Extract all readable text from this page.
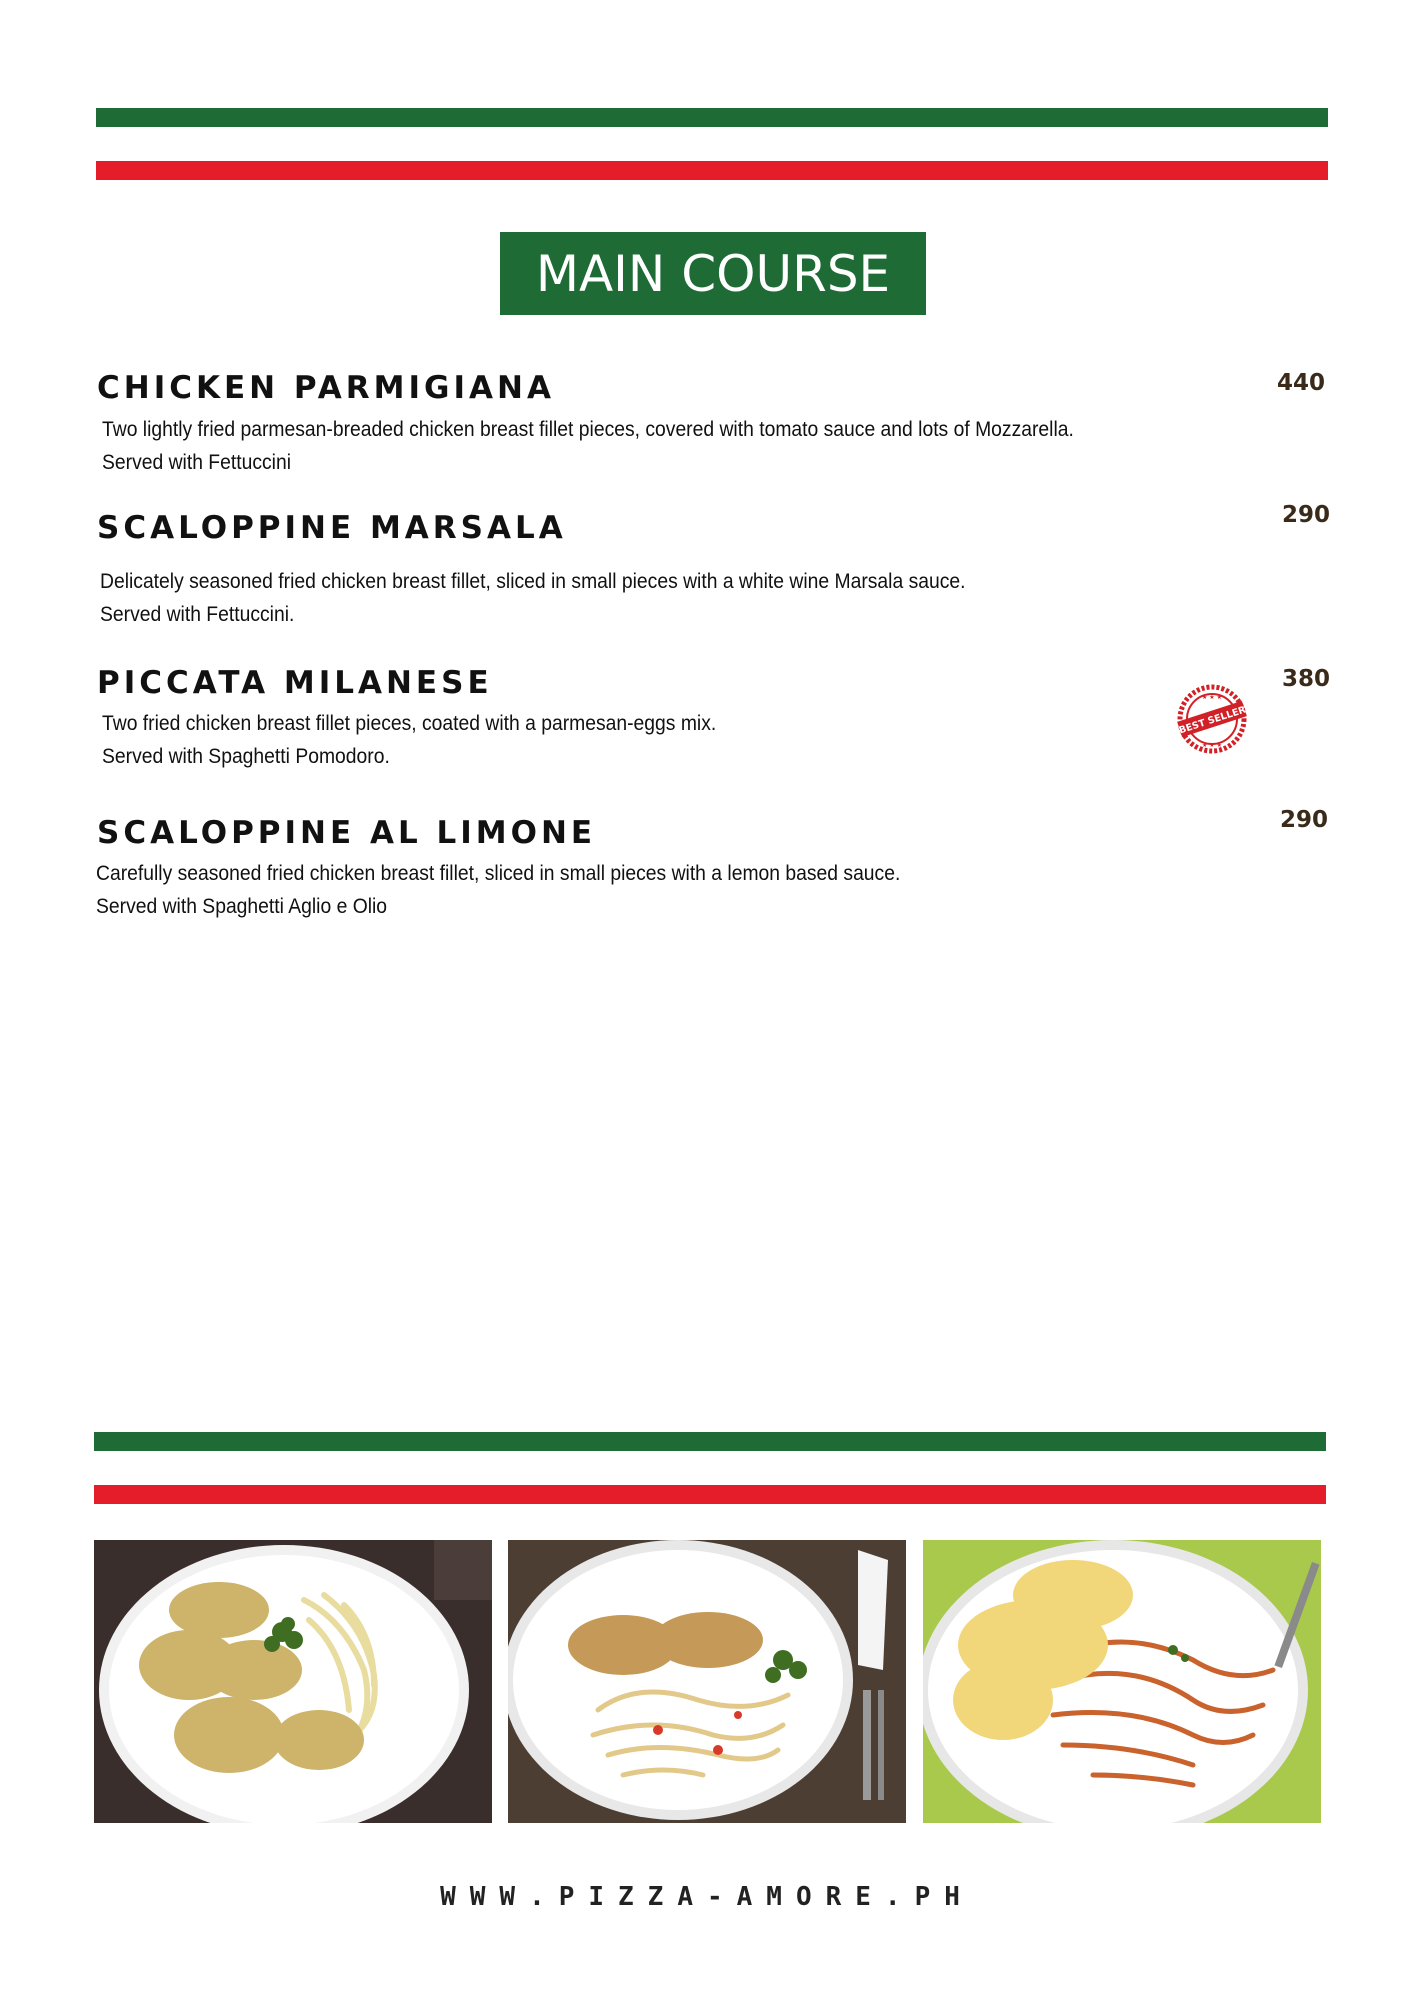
MAIN COURSE
CHICKEN PARMIGIANA	440
Two lightly fried parmesan-breaded chicken breast fillet pieces, covered with tomato sauce and lots of Mozzarella.
Served with Fettuccini
SCALOPPINE MARSALA	290
Delicately seasoned fried chicken breast fillet, sliced in small pieces with a white wine Marsala sauce.
Served with Fettuccini.
PICCATA MILANESE	380
Two fried chicken breast fillet pieces, coated with a parmesan-eggs mix.
Served with Spaghetti Pomodoro.
★ ★ ★
★ ★ ★
BEST SELLER
SCALOPPINE AL LIMONE	290
Carefully seasoned fried chicken breast fillet, sliced in small pieces with a lemon based sauce.
Served with Spaghetti Aglio e Olio
WWW.PIZZA-AMORE.PH
